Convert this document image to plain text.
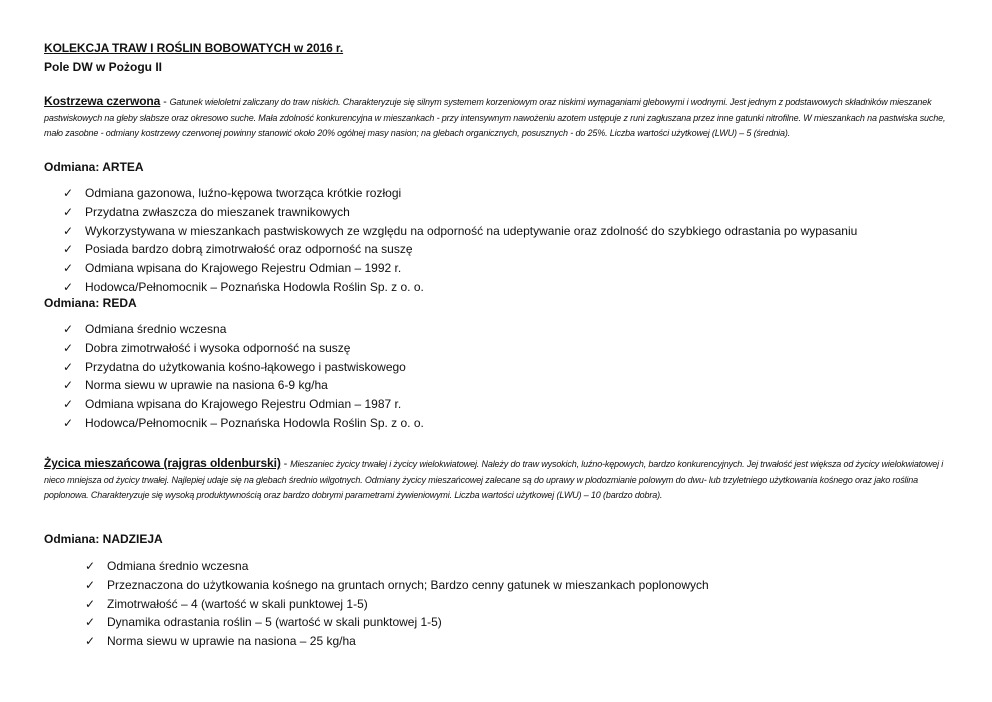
KOLEKCJA TRAW I ROŚLIN BOBOWATYCH w 2016 r.
Pole DW w Pożogu II
Kostrzewa czerwona - Gatunek wieloletni zaliczany do traw niskich. Charakteryzuje się silnym systemem korzeniowym oraz niskimi wymaganiami glebowymi i wodnymi. Jest jednym z podstawowych składników mieszanek pastwiskowych na gleby słabsze oraz okresowo suche. Mała zdolność konkurencyjna w mieszankach - przy intensywnym nawożeniu azotem ustępuje z runi zagłuszana przez inne gatunki nitrofilne. W mieszankach na pastwiska suche, mało zasobne - odmiany kostrzewy czerwonej powinny stanowić około 20% ogólnej masy nasion; na glebach organicznych, posusznych - do 25%. Liczba wartości użytkowej (LWU) – 5 (średnia).
Odmiana: ARTEA
✓ Odmiana gazonowa, luźno-kępowa tworząca krótkie rozłogi
✓ Przydatna zwłaszcza do mieszanek trawnikowych
✓ Wykorzystywana w mieszankach pastwiskowych ze względu na odporność na udeptywanie oraz zdolność do szybkiego odrastania po wypasaniu
✓ Posiada bardzo dobrą zimotrwałość oraz odporność na suszę
✓ Odmiana wpisana do Krajowego Rejestru Odmian – 1992 r.
✓ Hodowca/Pełnomocnik – Poznańska Hodowla Roślin Sp. z o. o.
Odmiana: REDA
✓ Odmiana średnio wczesna
✓ Dobra zimotrwałość i wysoka odporność na suszę
✓ Przydatna do użytkowania kośno-łąkowego i pastwiskowego
✓ Norma siewu w uprawie na nasiona 6-9 kg/ha
✓ Odmiana wpisana do Krajowego Rejestru Odmian – 1987 r.
✓ Hodowca/Pełnomocnik – Poznańska Hodowla Roślin Sp. z o. o.
Życica mieszańcowa (rajgras oldenburski) - Mieszaniec życicy trwałej i życicy wielokwiatowej. Należy do traw wysokich, luźno-kępowych, bardzo konkurencyjnych. Jej trwałość jest większa od życicy wielokwiatowej i nieco mniejsza od życicy trwałej. Najlepiej udaje się na glebach średnio wilgotnych. Odmiany życicy mieszańcowej zalecane są do uprawy w plodozmianie polowym do dwu- lub trzyletniego użytkowania kośnego oraz jako roślina poplonowa. Charakteryzuje się wysoką produktywnością oraz bardzo dobrymi parametrami żywieniowymi. Liczba wartości użytkowej (LWU) – 10 (bardzo dobra).
Odmiana: NADZIEJA
✓ Odmiana średnio wczesna
✓ Przeznaczona do użytkowania kośnego na gruntach ornych; Bardzo cenny gatunek w mieszankach poplonowych
✓ Zimotrwałość – 4 (wartość w skali punktowej 1-5)
✓ Dynamika odrastania roślin – 5 (wartość w skali punktowej 1-5)
✓ Norma siewu w uprawie na nasiona – 25 kg/ha
